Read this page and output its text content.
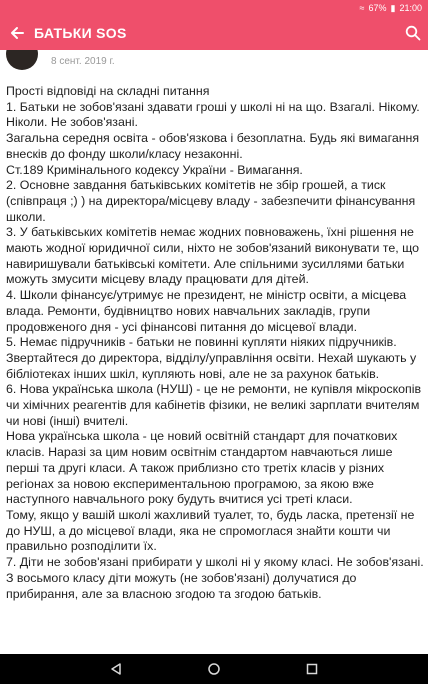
≈ 67% ▮ 21:00
БАТЬКИ SOS
8 сент. 2019 г.

Прості відповіді на складні питання

1. Батьки не зобов'язані здавати гроші у школі ні на що. Взагалі. Нікому. Ніколи. Не зобов'язані.

Загальна середня освіта - обов'язкова і безоплатна. Будь які вимагання внесків до фонду школи/класу незаконні.

Ст.189 Кримінального кодексу України - Вимагання.

2. Основне завдання батьківських комітетів не збір грошей, а тиск (співпраця ;) ) на директора/місцеву владу - забезпечити фінансування школи.

3. У батьківських комітетів немає жодних повноважень, їхні рішення не мають жодної юридичної сили, ніхто не зобов'язаний виконувати те, що навиришували батьківські комітети. Але спільними зусиллями батьки можуть змусити місцеву владу працювати для дітей.

4. Школи фінансує/утримує не президент, не міністр освіти, а місцева влада. Ремонти, будівництво нових навчальних закладів, групи продовженого дня - усі фінансові питання до місцевої влади.

5. Немає підручників - батьки не повинні купляти ніяких підручників. Звертайтеся до директора, відділу/управління освіти. Нехай шукають у бібліотеках інших шкіл, купляють нові, але не за рахунок батьків.

6. Нова українська школа (НУШ) - це не ремонти, не купівля мікроскопів чи хімічних реагентів для кабінетів фізики, не великі зарплати вчителям чи нові (інші) вчителі.

Нова українська школа - це новий освітній стандарт для початкових класів. Наразі за цим новим освітнім стандартом навчаються лише перші та другі класи. А також приблизно сто третіх класів у різних регіонах за новою експериментальною програмою, за якою вже наступного навчального року будуть вчитися усі треті класи.

Тому, якщо у вашій школі жахливий туалет, то, будь ласка, претензії не до НУШ, а до місцевої влади, яка не спромоглася знайти кошти чи правильно розподілити їх.

7. Діти не зобов'язані прибирати у школі ні у якому класі. Не зобов'язані. З восьмого класу діти можуть (не зобов'язані) долучатися до прибирання, але за власною згодою та згодою батьків.
